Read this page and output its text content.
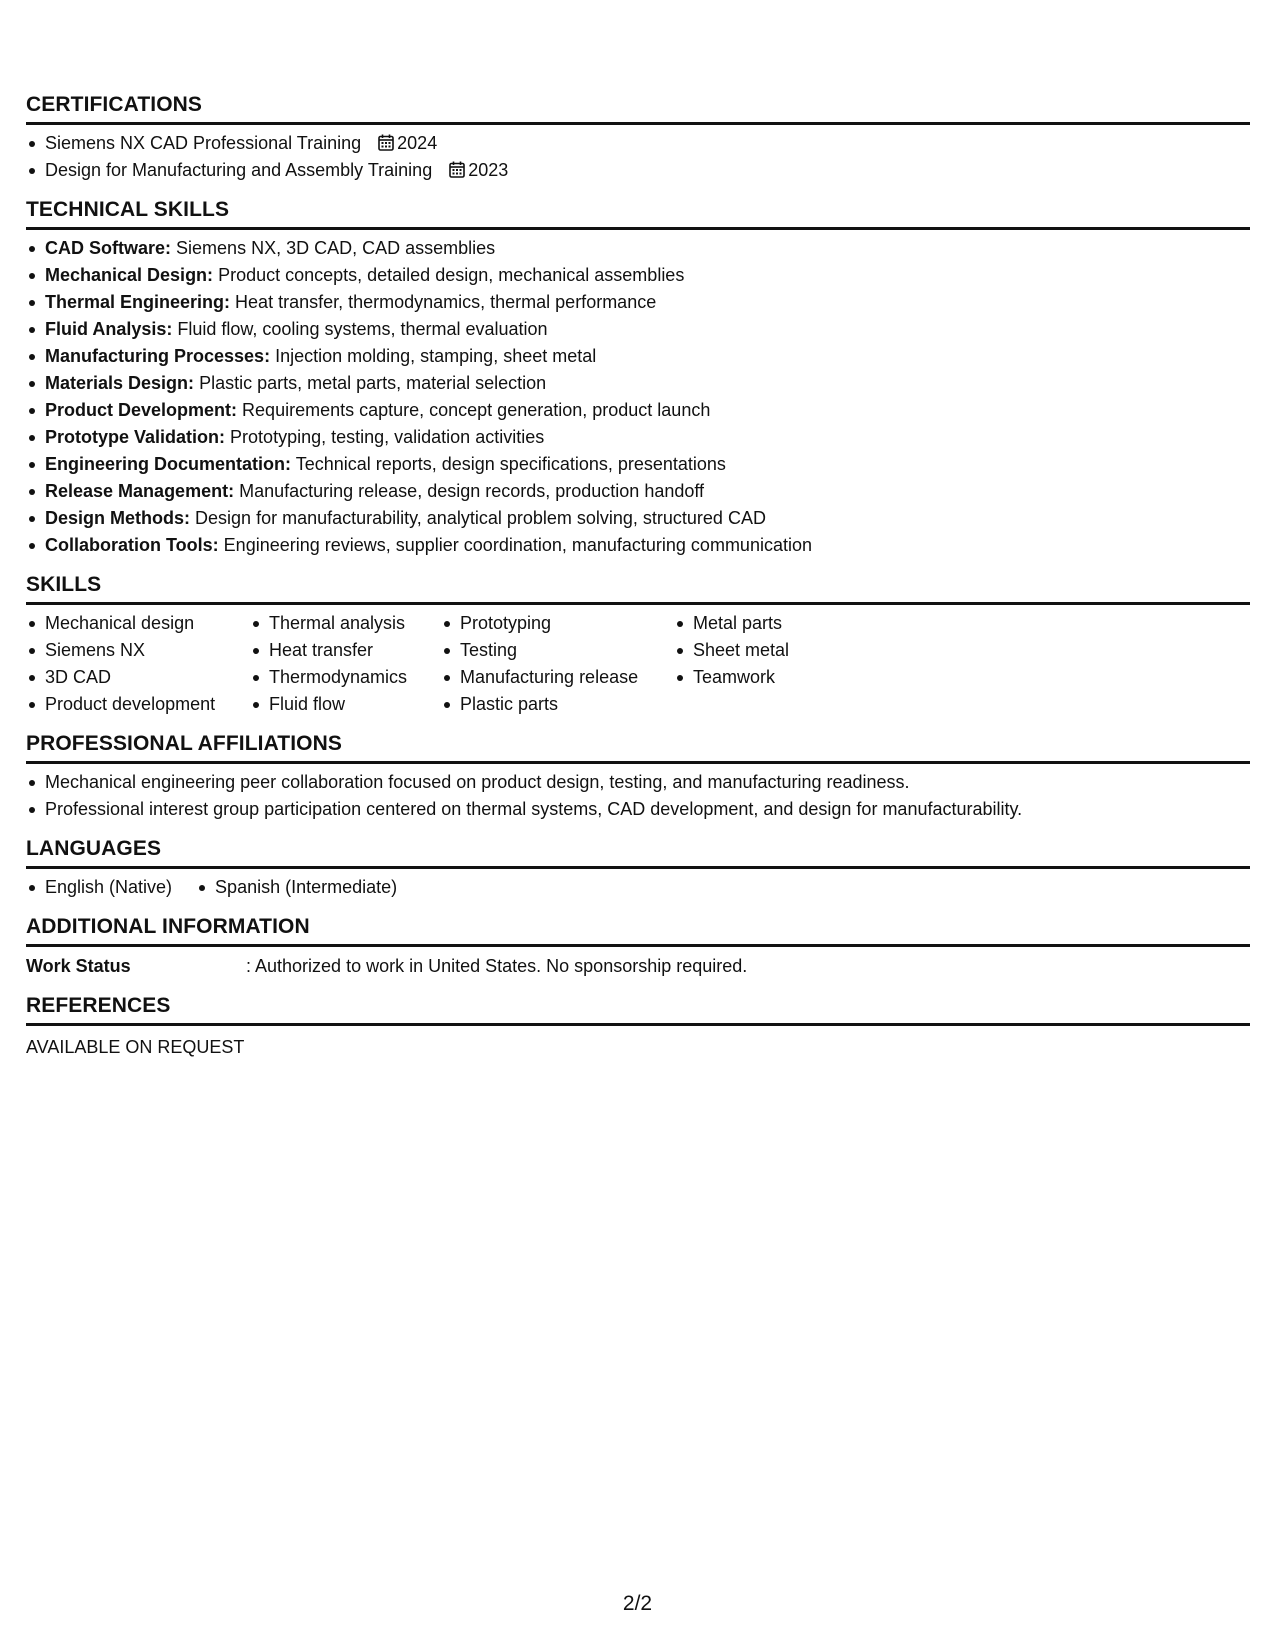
CERTIFICATIONS
Siemens NX CAD Professional Training 2024
Design for Manufacturing and Assembly Training 2023
TECHNICAL SKILLS
CAD Software: Siemens NX, 3D CAD, CAD assemblies
Mechanical Design: Product concepts, detailed design, mechanical assemblies
Thermal Engineering: Heat transfer, thermodynamics, thermal performance
Fluid Analysis: Fluid flow, cooling systems, thermal evaluation
Manufacturing Processes: Injection molding, stamping, sheet metal
Materials Design: Plastic parts, metal parts, material selection
Product Development: Requirements capture, concept generation, product launch
Prototype Validation: Prototyping, testing, validation activities
Engineering Documentation: Technical reports, design specifications, presentations
Release Management: Manufacturing release, design records, production handoff
Design Methods: Design for manufacturability, analytical problem solving, structured CAD
Collaboration Tools: Engineering reviews, supplier coordination, manufacturing communication
SKILLS
Mechanical design
Siemens NX
3D CAD
Product development
Thermal analysis
Heat transfer
Thermodynamics
Fluid flow
Prototyping
Testing
Manufacturing release
Plastic parts
Metal parts
Sheet metal
Teamwork
PROFESSIONAL AFFILIATIONS
Mechanical engineering peer collaboration focused on product design, testing, and manufacturing readiness.
Professional interest group participation centered on thermal systems, CAD development, and design for manufacturability.
LANGUAGES
English (Native)	Spanish (Intermediate)
ADDITIONAL INFORMATION
Work Status	: Authorized to work in United States. No sponsorship required.
REFERENCES
AVAILABLE ON REQUEST
2/2
